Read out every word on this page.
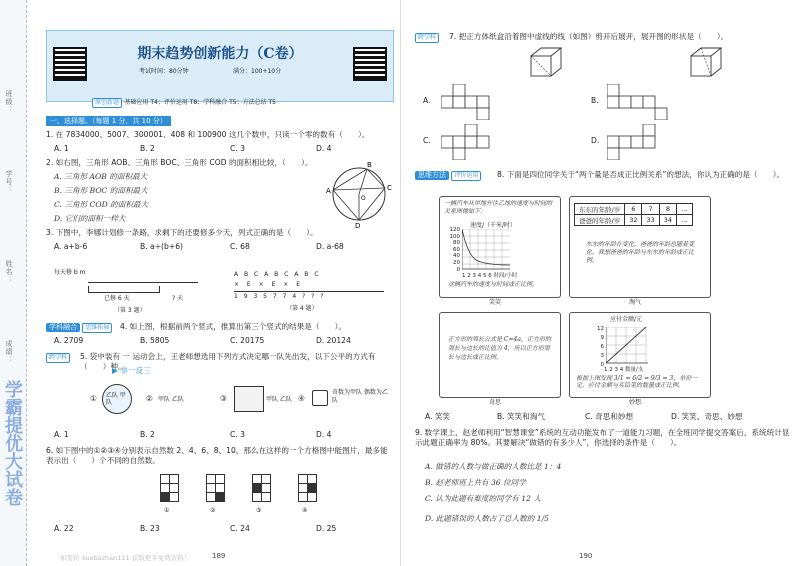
班级：
学号：
姓名：
成绩：
学霸提优大试卷
期末趋势创新能力（C卷）
考试时间：80分钟	满分：100+10分
原创新题 基础应用 T4；评价运用 T8；学科融合 T5；方法总结 T5
一、选择题。（每题 1 分，共 10 分）
1. 在 7834000、5007、300001、408 和 100900 这几个数中，只读一个零的数有（　　）。
A. 1	B. 2	C. 3	D. 4
2. 如右图，三角形 AOB、三角形 BOC、三角形 COD 的面积相比较，（　　）。
A. 三角形 AOB 的面积最大
B. 三角形 BOC 的面积最大
C. 三角形 COD 的面积最大
D. 它们的面积一样大
A
B
C
D
O
3. 下图中，李娜计划修一条路，求剩下的还要修多少天，列式正确的是（　　）。
A. a+b-6	B. a÷(b+6)	C. 68	D. a-68
每天修 b m
已修 6 天	? 天
（第 3 题）
A B C A B C A B C
× E × E × E
1 9 3 5 7 7 4 ? ? ?
（第 4 题）
学科融合 思维拓展	4. 如上图，根据前两个竖式，推算出第三个竖式的结果是（　　）。
A. 2709	B. 5805	C. 20175	D. 20124
跨学科	5. 袋中装有 一 运动会上，王老师想选用下列方式决定哪一队先出发，以下公平的方式有（　　）种。
▶ 举一反三
① 乙队 甲队	② 甲队 乙队	③	甲队 乙队 ④
奇数为甲队 偶数为乙队
A. 1	B. 2	C. 3	D. 4
6. 如下图中的①②③④分别表示自然数 2、4、6、8、10，那么在这样的一个方格图中能图片，最多能表示出（　　）个不同的自然数。
①	②	③	④
A. 22	B. 23	C. 24	D. 25
189
如需转 xuebazhan111 获取更多免费资料！
跨学科	7. 把正方体纸盒沿着图中虚线的线（如图）剪开后展开，展开图的形状是（　　）。
A.	B.
C.	D.
思维方法 评价运用	8. 下面是四位同学关于“两个量是否成正比例关系”的想法，你认为正确的是（　　）。
一辆汽车从甲地开往乙地的速度与时间的关系图像如下：
速度/（千米/时）
120
100
80
60
40
20
0
1 2 3 4 5 6 时间/小时
这辆汽车的速度与时间成正比例。
笑笑
东东的年龄/岁	6	7	8	…
爸爸的年龄/岁	32	33	34	…
东东的年龄在变化，爸爸的年龄也随着变化，我想爸爸的年龄与东东的年龄成正比例。
淘气
正方形的周长公式是 C=4a，正方形的周长与边长的比值为 4，所以正方形周长与边长成正比例。
奇思
应付金额/元
12
9
6
3
0
1 2 3 4 数量/支
根据上图发现 3/1 = 6/2 = 9/3 = 3，单价一定，应付金额与买铅笔的数量成正比例。
妙想
A. 笑笑	B. 笑笑和淘气	C. 奇思和妙想	D. 笑笑、奇思、妙想
9. 数学课上，赵老师利用“智慧课堂”系统的互动功能发布了一道能力习题，在全班同学提交答案后，系统统计显示此题正确率为 80%。其要解决“做错的有多少人”，你选择的条件是（　　）。
A. 做错的人数与做正确的人数比是 1：4
B. 赵老师班上共有 36 位同学
C. 认为此题有难度的同学有 12 人
D. 此题错误的人数占了总人数的 1/5
190
